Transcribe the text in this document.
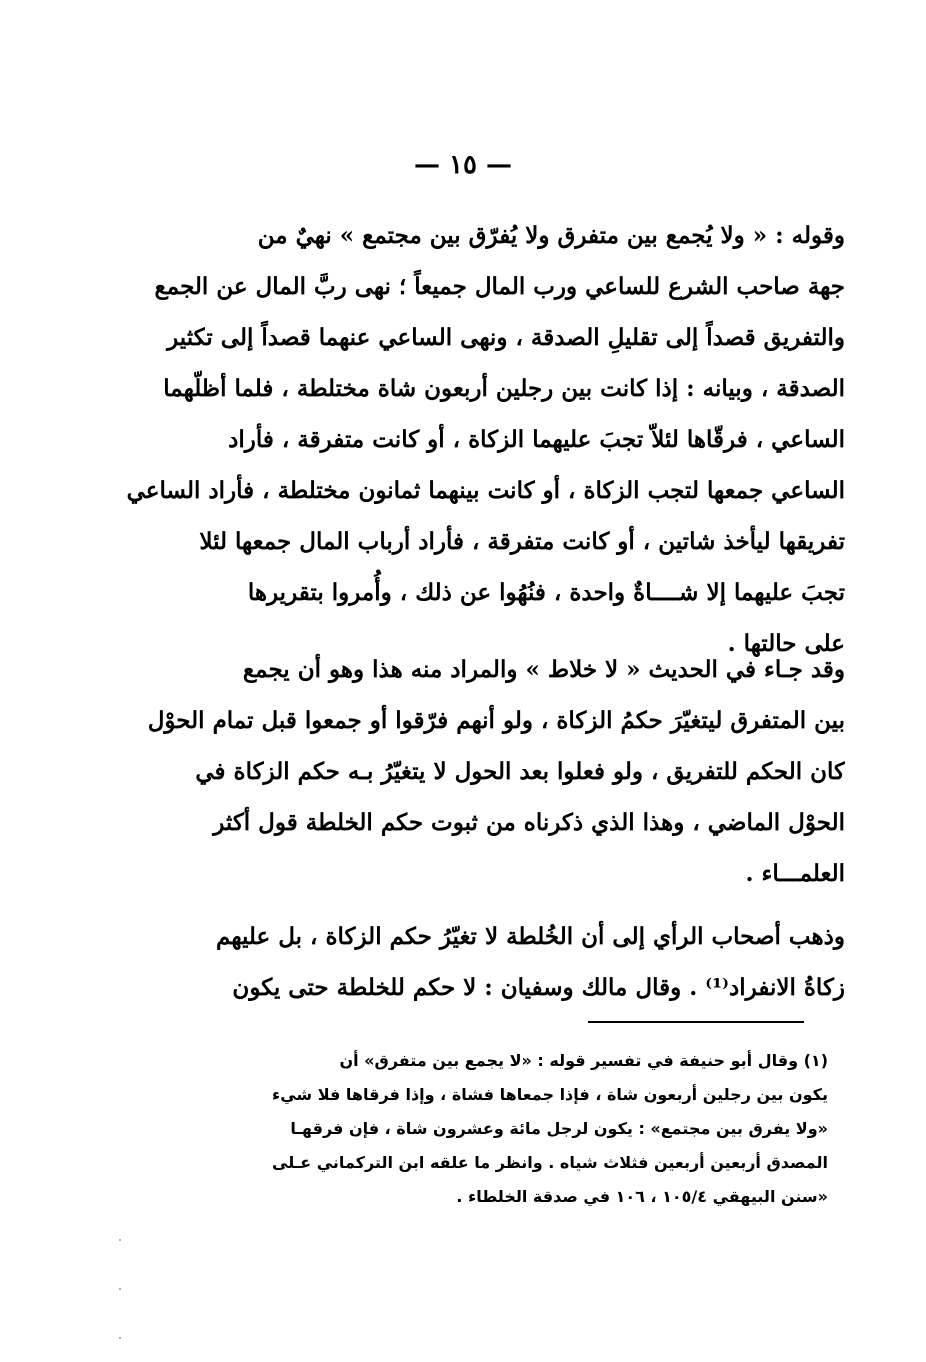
— ١٥ —
وقوله : « ولا يُجمع بين متفرق ولا يُفرّق بين مجتمع » نهيٌ من
جهة صاحب الشرع للساعي ورب المال جميعاً ؛ نهى ربَّ المال عن الجمع
والتفريق قصداً إلى تقليلِ الصدقة ، ونهى الساعي عنهما قصداً إلى تكثير
الصدقة ، وبيانه : إذا كانت بين رجلين أربعون شاة مختلطة ، فلما أظلّهما
الساعي ، فرقّاها لئلاّ تجبَ عليهما الزكاة ، أو كانت متفرقة ، فأراد
الساعي جمعها لتجب الزكاة ، أو كانت بينهما ثمانون مختلطة ، فأراد الساعي
تفريقها ليأخذ شاتين ، أو كانت متفرقة ، فأراد أرباب المال جمعها لئلا
تجبَ عليهما إلا شــــاةٌ واحدة ، فنُهُوا عن ذلك ، وأُمروا بتقريرها
على حالتها .
وقد جـاء في الحديث « لا خلاط » والمراد منه هذا وهو أن يجمع
بين المتفرق ليتغيّرَ حكمُ الزكاة ، ولو أنهم فرّقوا أو جمعوا قبل تمام الحوْل
كان الحكم للتفريق ، ولو فعلوا بعد الحول لا يتغيّرُ بـه حكم الزكاة في
الحوْل الماضي ، وهذا الذي ذكرناه من ثبوت حكم الخلطة قول أكثر
العلمـــاء .
وذهب أصحاب الرأي إلى أن الخُلطة لا تغيّرُ حكم الزكاة ، بل عليهم
زكاةُ الانفراد⁽¹⁾ . وقال مالك وسفيان : لا حكم للخلطة حتى يكون
(١) وقال أبو حنيفة في تفسير قوله : «لا يجمع بين متفرق» أن
يكون بين رجلين أربعون شاة ، فإذا جمعاها فشاة ، وإذا فرقاها فلا شيء
«ولا يفرق بين مجتمع» : يكون لرجل مائة وعشرون شاة ، فإن فرقهـا
المصدق أربعين أربعين فثلاث شياه . وانظر ما علقه ابن التركماني عـلى
«سنن البيهقي ١٠٥/٤ ، ١٠٦ في صدقة الخلطاء .
